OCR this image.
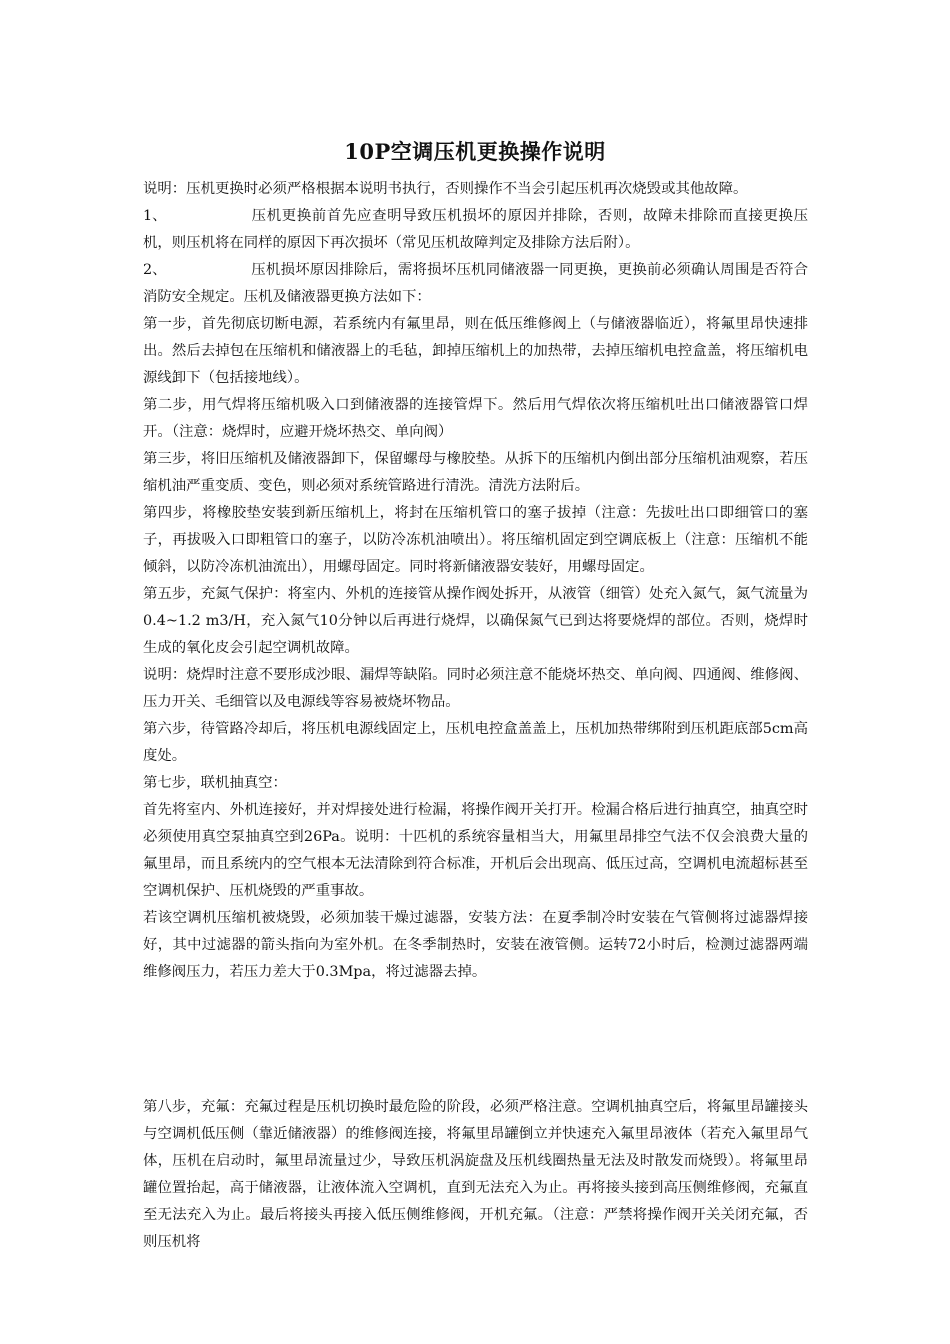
10P空调压机更换操作说明

说明：压机更换时必须严格根据本说明书执行，否则操作不当会引起压机再次烧毁或其他故障。

1、	压机更换前首先应查明导致压机损坏的原因并排除，否则，故障未排除而直接更换压机，则压机将在同样的原因下再次损坏（常见压机故障判定及排除方法后附）。

2、	压机损坏原因排除后，需将损坏压机同储液器一同更换，更换前必须确认周围是否符合消防安全规定。压机及储液器更换方法如下：

第一步，首先彻底切断电源，若系统内有氟里昂，则在低压维修阀上（与储液器临近），将氟里昂快速排出。然后去掉包在压缩机和储液器上的毛毡，卸掉压缩机上的加热带，去掉压缩机电控盒盖，将压缩机电源线卸下（包括接地线）。

第二步，用气焊将压缩机吸入口到储液器的连接管焊下。然后用气焊依次将压缩机吐出口储液器管口焊开。（注意：烧焊时，应避开烧坏热交、单向阀）

第三步，将旧压缩机及储液器卸下，保留螺母与橡胶垫。从拆下的压缩机内倒出部分压缩机油观察，若压缩机油严重变质、变色，则必须对系统管路进行清洗。清洗方法附后。

第四步，将橡胶垫安装到新压缩机上，将封在压缩机管口的塞子拔掉（注意：先拔吐出口即细管口的塞子，再拔吸入口即粗管口的塞子，以防冷冻机油喷出）。将压缩机固定到空调底板上（注意：压缩机不能倾斜，以防冷冻机油流出），用螺母固定。同时将新储液器安装好，用螺母固定。

第五步，充氮气保护：将室内、外机的连接管从操作阀处拆开，从液管（细管）处充入氮气，氮气流量为0.4~1.2 m3/H，充入氮气10分钟以后再进行烧焊，以确保氮气已到达将要烧焊的部位。否则，烧焊时生成的氧化皮会引起空调机故障。

说明：烧焊时注意不要形成沙眼、漏焊等缺陷。同时必须注意不能烧坏热交、单向阀、四通阀、维修阀、压力开关、毛细管以及电源线等容易被烧坏物品。

第六步，待管路冷却后，将压机电源线固定上，压机电控盒盖盖上，压机加热带绑附到压机距底部5cm高度处。

第七步，联机抽真空：

首先将室内、外机连接好，并对焊接处进行检漏，将操作阀开关打开。检漏合格后进行抽真空，抽真空时必须使用真空泵抽真空到26Pa。说明：十匹机的系统容量相当大，用氟里昂排空气法不仅会浪费大量的氟里昂，而且系统内的空气根本无法清除到符合标准，开机后会出现高、低压过高，空调机电流超标甚至空调机保护、压机烧毁的严重事故。

若该空调机压缩机被烧毁，必须加装干燥过滤器，安装方法：在夏季制冷时安装在气管侧将过滤器焊接好，其中过滤器的箭头指向为室外机。在冬季制热时，安装在液管侧。运转72小时后，检测过滤器两端维修阀压力，若压力差大于0.3Mpa，将过滤器去掉。

第八步，充氟：充氟过程是压机切换时最危险的阶段，必须严格注意。空调机抽真空后，将氟里昂罐接头与空调机低压侧（靠近储液器）的维修阀连接，将氟里昂罐倒立并快速充入氟里昂液体（若充入氟里昂气体，压机在启动时，氟里昂流量过少，导致压机涡旋盘及压机线圈热量无法及时散发而烧毁）。将氟里昂罐位置抬起，高于储液器，让液体流入空调机，直到无法充入为止。再将接头接到高压侧维修阀，充氟直至无法充入为止。最后将接头再接入低压侧维修阀，开机充氟。（注意：严禁将操作阀开关关闭充氟，否则压机将
